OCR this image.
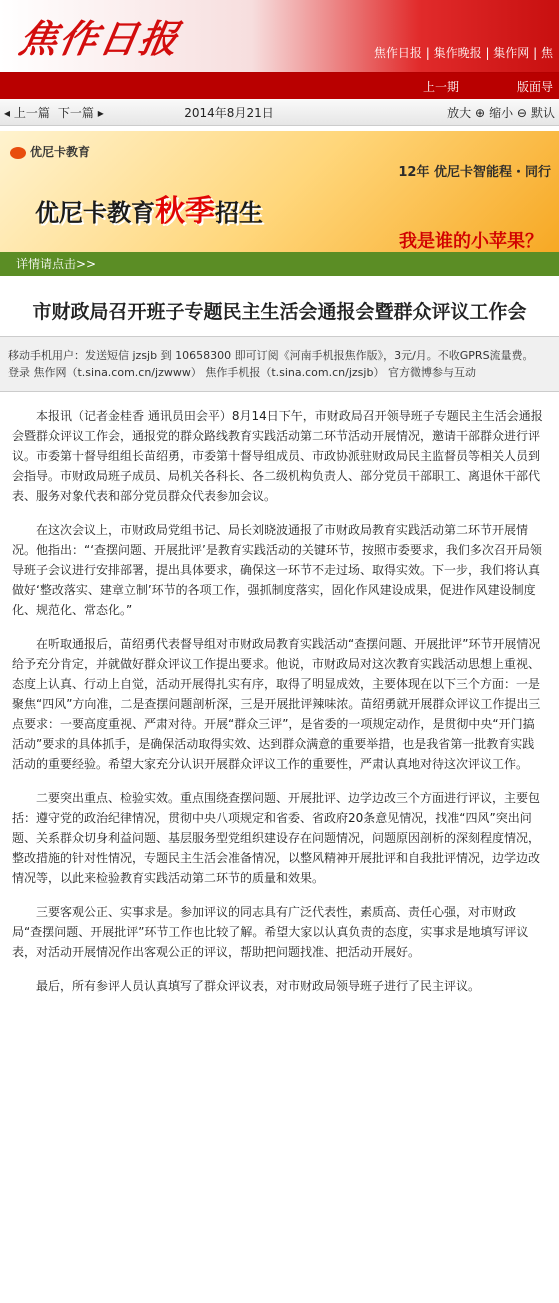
焦作日报	焦作日报 | 集作晚报 | 集作网 | 焦
上一期	版面导
◂ 上一篇 下一篇 ▸	2014年8月21日	放大 ⊕ 缩小 ⊖ 默认
优尼卡教育
12年 优尼卡智能程・同行
优尼卡教育秋季招生
我是谁的小苹果？
详情请点击>>
市财政局召开班子专题民主生活会通报会暨群众评议工作会
移动手机用户：发送短信 jzsjb 到 10658300 即可订阅《河南手机报焦作版》，3元/月。不收GPRS流量费。
登录 焦作网（t.sina.com.cn/jzwww） 焦作手机报（t.sina.com.cn/jzsjb） 官方微博参与互动

本报讯（记者金桂香 通讯员田会平）8月14日下午，市财政局召开领导班子专题民主生活会通报会暨群众评议工作会，通报党的群众路线教育实践活动第二环节活动开展情况，邀请干部群众进行评议。市委第十督导组组长苗绍勇，市委第十督导组成员、市政协派驻财政局民主监督员等相关人员到会指导。市财政局班子成员、局机关各科长、各二级机构负责人、部分党员干部职工、离退休干部代表、服务对象代表和部分党员群众代表参加会议。

在这次会议上，市财政局党组书记、局长刘晓波通报了市财政局教育实践活动第二环节开展情况。他指出：“‘查摆问题、开展批评’是教育实践活动的关键环节，按照市委要求，我们多次召开局领导班子会议进行安排部署，提出具体要求，确保这一环节不走过场、取得实效。下一步，我们将认真做好‘整改落实、建章立制’环节的各项工作，强抓制度落实，固化作风建设成果，促进作风建设制度化、规范化、常态化。”

在听取通报后，苗绍勇代表督导组对市财政局教育实践活动“查摆问题、开展批评”环节开展情况给予充分肯定，并就做好群众评议工作提出要求。他说，市财政局对这次教育实践活动思想上重视、态度上认真、行动上自觉，活动开展得扎实有序，取得了明显成效，主要体现在以下三个方面：一是聚焦“四风”方向准，二是查摆问题剖析深，三是开展批评辣味浓。苗绍勇就开展群众评议工作提出三点要求：一要高度重视、严肃对待。开展“群众三评”，是省委的一项规定动作，是贯彻中央“开门搞活动”要求的具体抓手，是确保活动取得实效、达到群众满意的重要举措，也是我省第一批教育实践活动的重要经验。希望大家充分认识开展群众评议工作的重要性，严肃认真地对待这次评议工作。

二要突出重点、检验实效。重点围绕查摆问题、开展批评、边学边改三个方面进行评议，主要包括：遵守党的政治纪律情况，贯彻中央八项规定和省委、省政府20条意见情况，找准“四风”突出问题、关系群众切身利益问题、基层服务型党组织建设存在问题情况，问题原因剖析的深刻程度情况，整改措施的针对性情况，专题民主生活会准备情况，以整风精神开展批评和自我批评情况，边学边改情况等，以此来检验教育实践活动第二环节的质量和效果。

三要客观公正、实事求是。参加评议的同志具有广泛代表性，素质高、责任心强，对市财政局“查摆问题、开展批评”环节工作也比较了解。希望大家以认真负责的态度，实事求是地填写评议表，对活动开展情况作出客观公正的评议，帮助把问题找准、把活动开展好。

最后，所有参评人员认真填写了群众评议表，对市财政局领导班子进行了民主评议。
